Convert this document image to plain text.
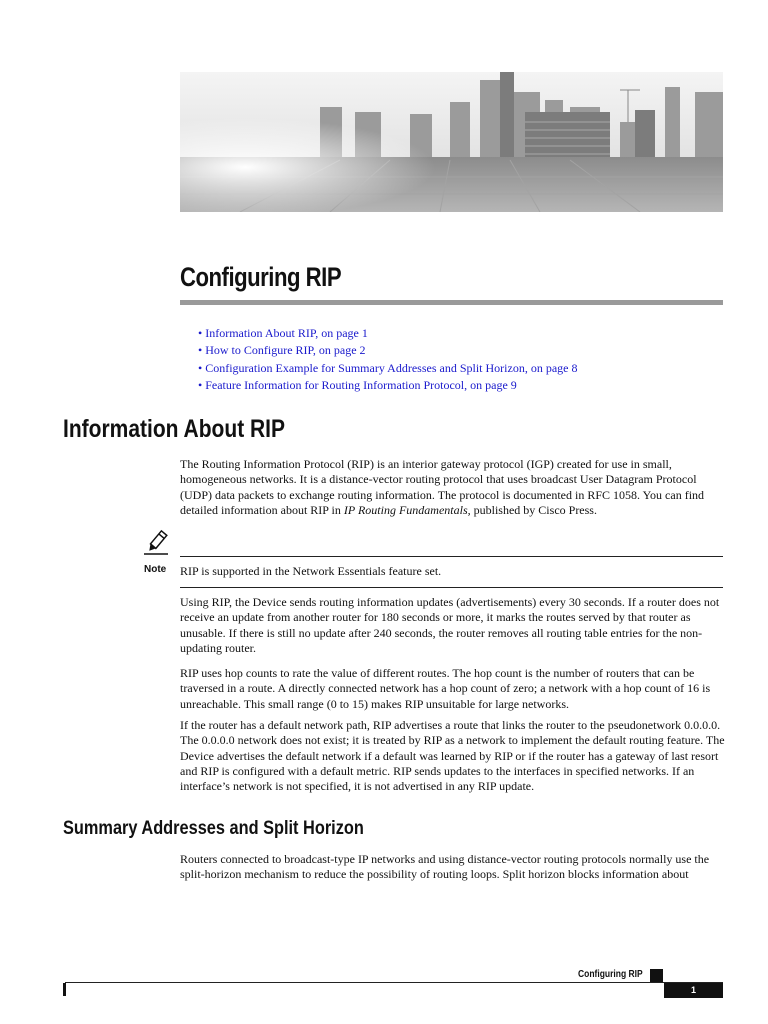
Configuring RIP
• Information About RIP, on page 1
• How to Configure RIP, on page 2
• Configuration Example for Summary Addresses and Split Horizon, on page 8
• Feature Information for Routing Information Protocol, on page 9
Information About RIP

The Routing Information Protocol (RIP) is an interior gateway protocol (IGP) created for use in small, homogeneous networks. It is a distance-vector routing protocol that uses broadcast User Datagram Protocol (UDP) data packets to exchange routing information. The protocol is documented in RFC 1058. You can find detailed information about RIP in IP Routing Fundamentals, published by Cisco Press.

Note RIP is supported in the Network Essentials feature set.

Using RIP, the Device sends routing information updates (advertisements) every 30 seconds. If a router does not receive an update from another router for 180 seconds or more, it marks the routes served by that router as unusable. If there is still no update after 240 seconds, the router removes all routing table entries for the non-updating router.

RIP uses hop counts to rate the value of different routes. The hop count is the number of routers that can be traversed in a route. A directly connected network has a hop count of zero; a network with a hop count of 16 is unreachable. This small range (0 to 15) makes RIP unsuitable for large networks.

If the router has a default network path, RIP advertises a route that links the router to the pseudonetwork 0.0.0.0. The 0.0.0.0 network does not exist; it is treated by RIP as a network to implement the default routing feature. The Device advertises the default network if a default was learned by RIP or if the router has a gateway of last resort and RIP is configured with a default metric. RIP sends updates to the interfaces in specified networks. If an interface’s network is not specified, it is not advertised in any RIP update.

Summary Addresses and Split Horizon

Routers connected to broadcast-type IP networks and using distance-vector routing protocols normally use the split-horizon mechanism to reduce the possibility of routing loops. Split horizon blocks information about

Configuring RIP
1
